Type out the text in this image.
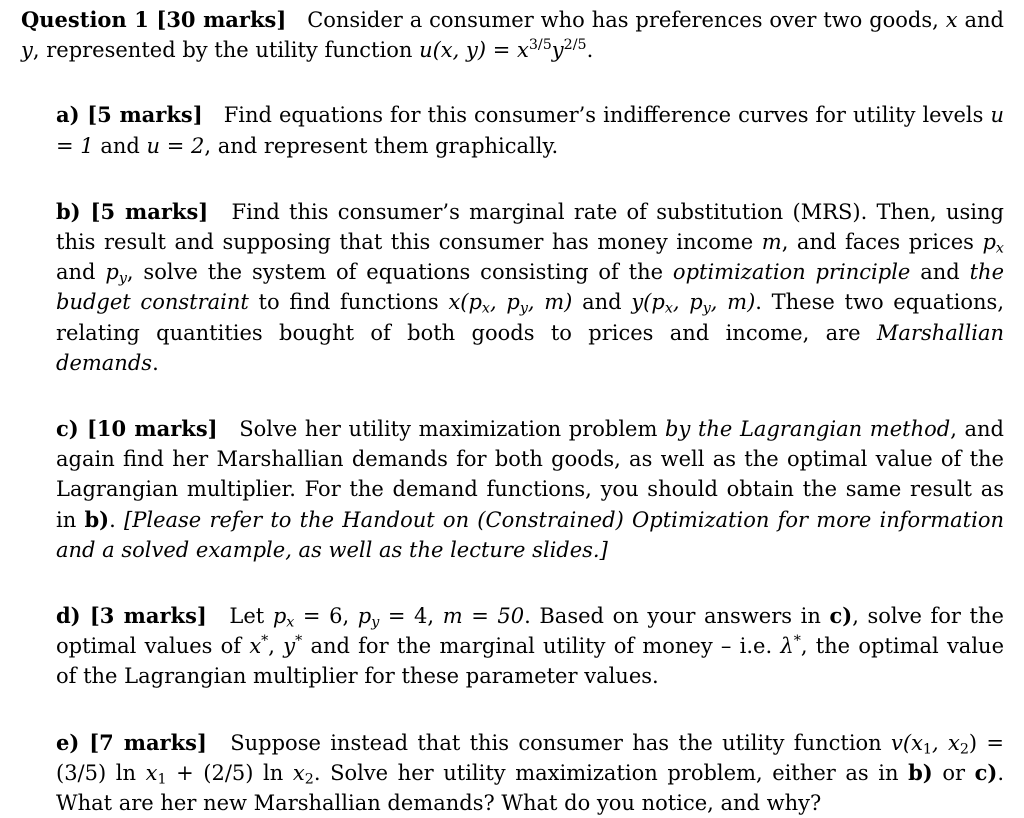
Question 1 [30 marks] Consider a consumer who has preferences over two goods, x and y, represented by the utility function u(x, $y) = x^{3/5}y^{2/5}$.

a) [5 marks] Find equations for this consumer’s indifference curves for utility levels u = 1 and u = 2, and represent them graphically.

b) [5 marks] Find this consumer’s marginal rate of substitution (MRS). Then, using this result and supposing that this consumer has money income m, and faces prices $p_x$ and $p_y$, solve the system of equations consisting of the optimization principle and the budget constraint to find functions $x(p_x$, $p_y$, m) and $y(p_x$, $p_y$, m). These two equations, relating quantities bought of both goods to prices and income, are Marshallian demands.

c) [10 marks] Solve her utility maximization problem by the Lagrangian method, and again find her Marshallian demands for both goods, as well as the optimal value of the Lagrangian multiplier. For the demand functions, you should obtain the same result as in b). [Please refer to the Handout on (Constrained) Optimization for more information and a solved example, as well as the lecture slides.]

d) [3 marks] Let $p_x = 6$, $p_y = 4$, m = 50. Based on your answers in c), solve for the optimal values of x*, y* and for the marginal utility of money – i.e. λ*, the optimal value of the Lagrangian multiplier for these parameter values.

e) [7 marks] Suppose instead that this consumer has the utility function $v(x_1$, $x_2) = (3/5)$ $\ln x_1 + (2/5)$ $\ln x_2$. Solve her utility maximization problem, either as in b) or c). What are her new Marshallian demands? What do you notice, and why?
